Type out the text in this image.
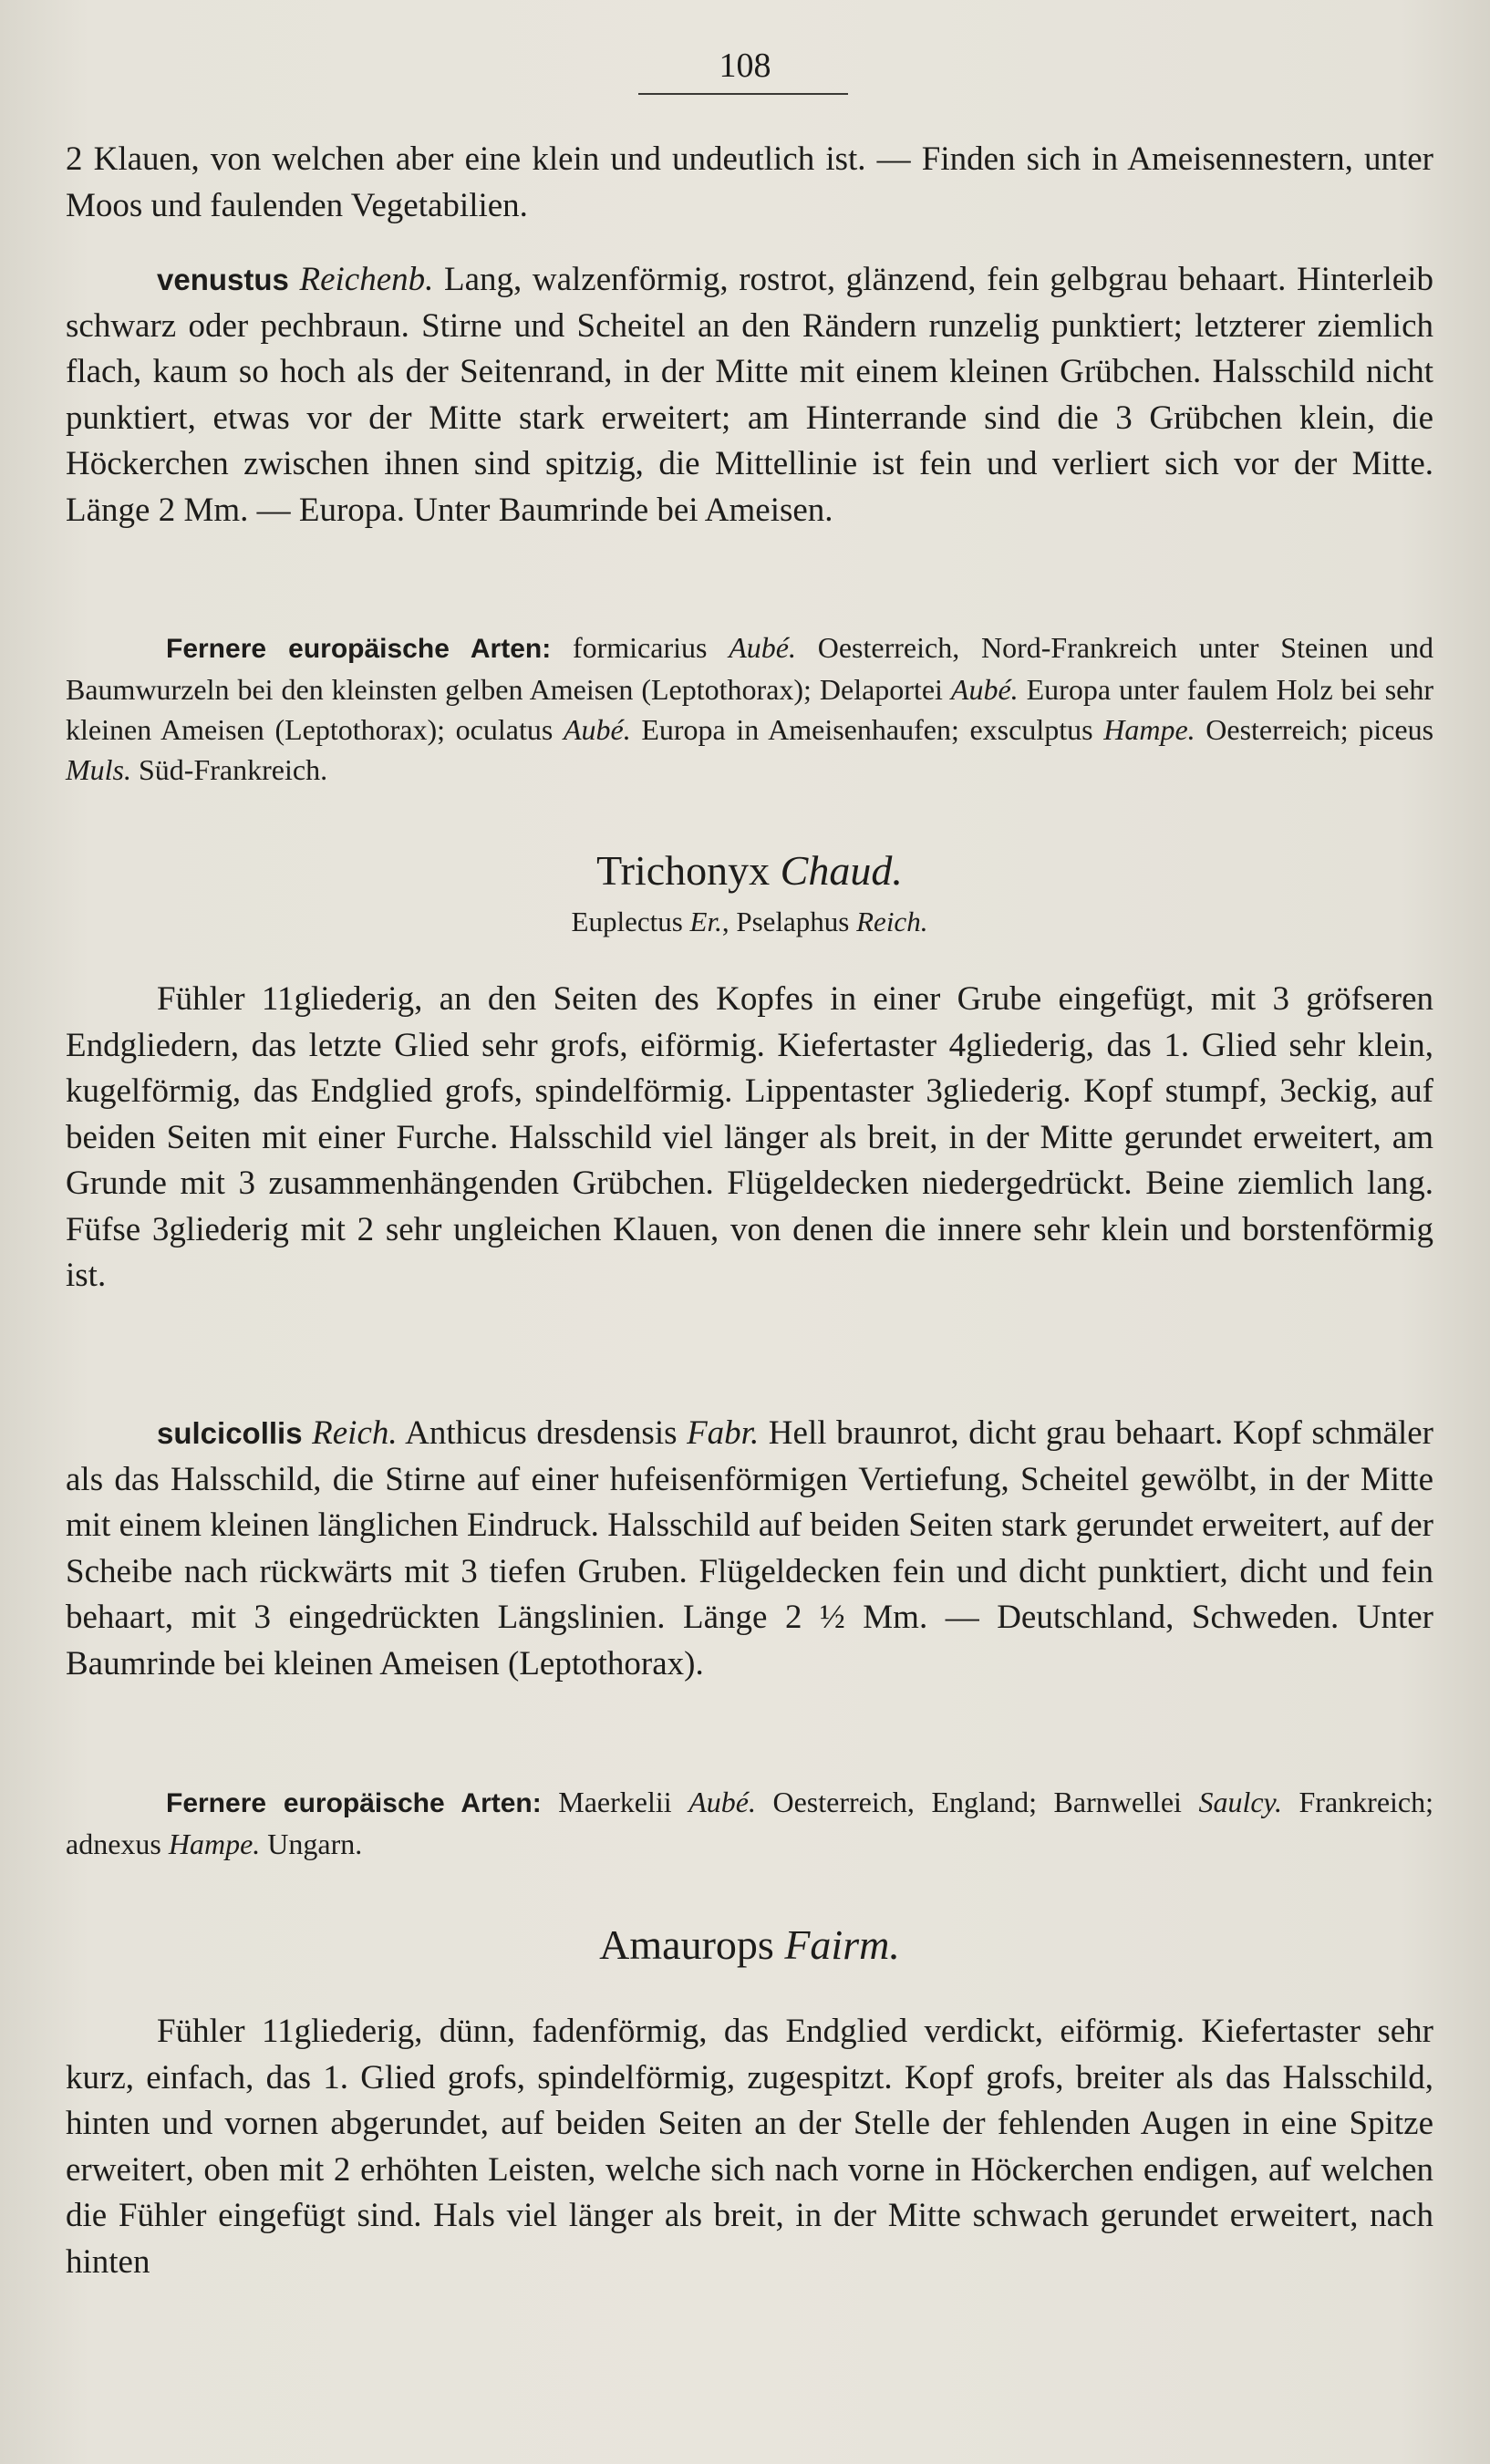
108

2 Klauen, von welchen aber eine klein und undeutlich ist. — Finden sich in Ameisennestern, unter Moos und faulenden Vegetabilien.

venustus Reichenb. Lang, walzenförmig, rostrot, glänzend, fein gelbgrau behaart. Hinterleib schwarz oder pechbraun. Stirne und Scheitel an den Rändern runzelig punktiert; letzterer ziemlich flach, kaum so hoch als der Seitenrand, in der Mitte mit einem kleinen Grübchen. Halsschild nicht punktiert, etwas vor der Mitte stark erweitert; am Hinterrande sind die 3 Grübchen klein, die Höckerchen zwischen ihnen sind spitzig, die Mittellinie ist fein und verliert sich vor der Mitte. Länge 2 Mm. — Europa. Unter Baumrinde bei Ameisen.

Fernere europäische Arten: formicarius Aubé. Oesterreich, Nord-Frankreich unter Steinen und Baumwurzeln bei den kleinsten gelben Ameisen (Leptothorax); Delaportei Aubé. Europa unter faulem Holz bei sehr kleinen Ameisen (Leptothorax); oculatus Aubé. Europa in Ameisenhaufen; exsculptus Hampe. Oesterreich; piceus Muls. Süd-Frankreich.

Trichonyx Chaud.

Euplectus Er., Pselaphus Reich.

Fühler 11gliederig, an den Seiten des Kopfes in einer Grube eingefügt, mit 3 gröfseren Endgliedern, das letzte Glied sehr grofs, eiförmig. Kiefertaster 4gliederig, das 1. Glied sehr klein, kugelförmig, das Endglied grofs, spindelförmig. Lippentaster 3gliederig. Kopf stumpf, 3eckig, auf beiden Seiten mit einer Furche. Halsschild viel länger als breit, in der Mitte gerundet erweitert, am Grunde mit 3 zusammenhängenden Grübchen. Flügeldecken niedergedrückt. Beine ziemlich lang. Füfse 3gliederig mit 2 sehr ungleichen Klauen, von denen die innere sehr klein und borstenförmig ist.

sulcicollis Reich. Anthicus dresdensis Fabr. Hell braunrot, dicht grau behaart. Kopf schmäler als das Halsschild, die Stirne auf einer hufeisenförmigen Vertiefung, Scheitel gewölbt, in der Mitte mit einem kleinen länglichen Eindruck. Halsschild auf beiden Seiten stark gerundet erweitert, auf der Scheibe nach rückwärts mit 3 tiefen Gruben. Flügeldecken fein und dicht punktiert, dicht und fein behaart, mit 3 eingedrückten Längslinien. Länge 2 ½ Mm. — Deutschland, Schweden. Unter Baumrinde bei kleinen Ameisen (Leptothorax).

Fernere europäische Arten: Maerkelii Aubé. Oesterreich, England; Barnwellei Saulcy. Frankreich; adnexus Hampe. Ungarn.

Amaurops Fairm.

Fühler 11gliederig, dünn, fadenförmig, das Endglied verdickt, eiförmig. Kiefertaster sehr kurz, einfach, das 1. Glied grofs, spindelförmig, zugespitzt. Kopf grofs, breiter als das Halsschild, hinten und vornen abgerundet, auf beiden Seiten an der Stelle der fehlenden Augen in eine Spitze erweitert, oben mit 2 erhöhten Leisten, welche sich nach vorne in Höckerchen endigen, auf welchen die Fühler eingefügt sind. Hals viel länger als breit, in der Mitte schwach gerundet erweitert, nach hinten
